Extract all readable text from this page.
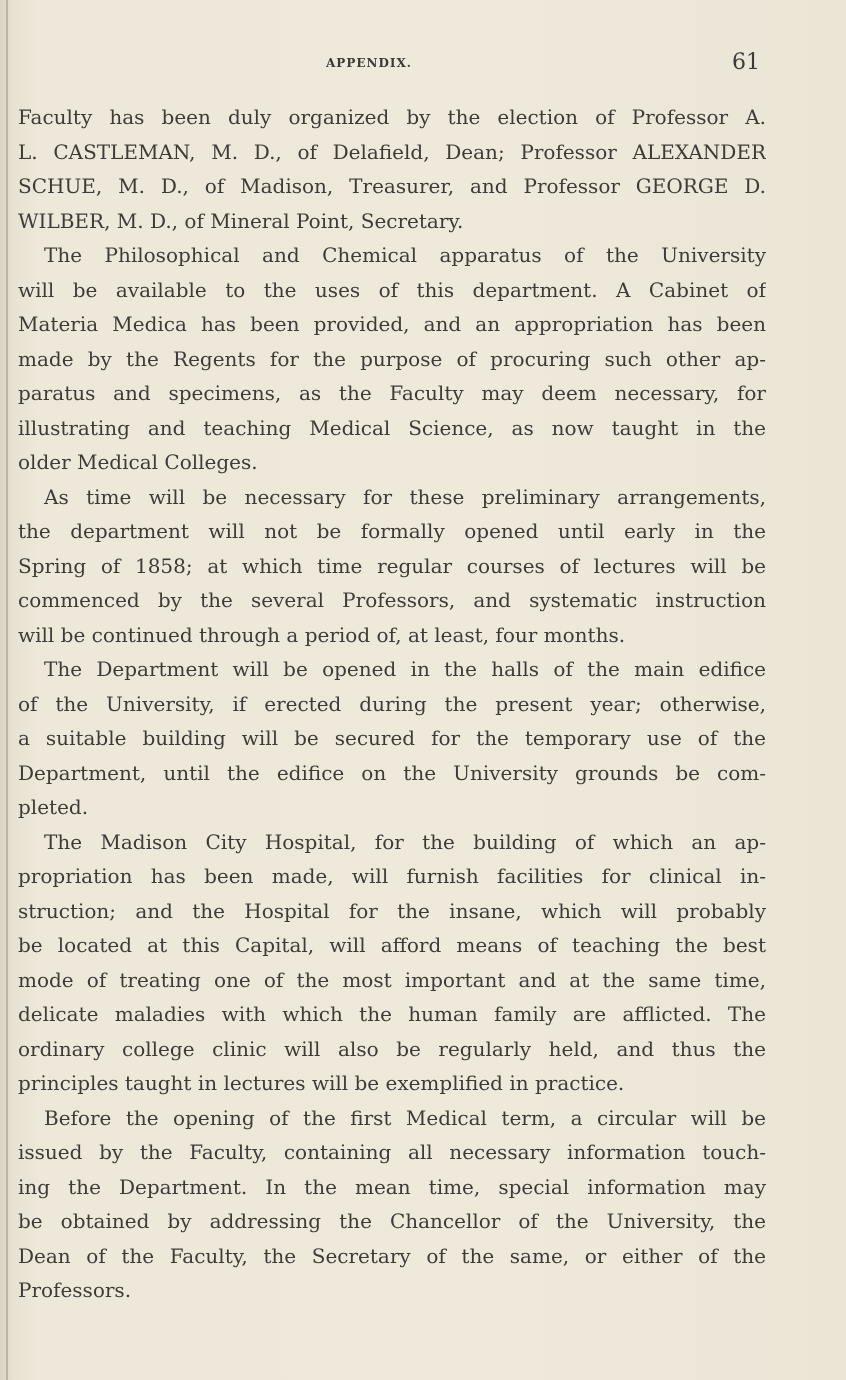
APPENDIX.	61
Faculty has been duly organized by the election of Professor A.
L. CASTLEMAN, M. D., of Delafield, Dean; Professor ALEXANDER
SCHUE, M. D., of Madison, Treasurer, and Professor GEORGE D.
WILBER, M. D., of Mineral Point, Secretary.
The Philosophical and Chemical apparatus of the University
will be available to the uses of this department. A Cabinet of
Materia Medica has been provided, and an appropriation has been
made by the Regents for the purpose of procuring such other ap-
paratus and specimens, as the Faculty may deem necessary, for
illustrating and teaching Medical Science, as now taught in the
older Medical Colleges.
As time will be necessary for these preliminary arrangements,
the department will not be formally opened until early in the
Spring of 1858; at which time regular courses of lectures will be
commenced by the several Professors, and systematic instruction
will be continued through a period of, at least, four months.
The Department will be opened in the halls of the main edifice
of the University, if erected during the present year; otherwise,
a suitable building will be secured for the temporary use of the
Department, until the edifice on the University grounds be com-
pleted.
The Madison City Hospital, for the building of which an ap-
propriation has been made, will furnish facilities for clinical in-
struction; and the Hospital for the insane, which will probably
be located at this Capital, will afford means of teaching the best
mode of treating one of the most important and at the same time,
delicate maladies with which the human family are afflicted. The
ordinary college clinic will also be regularly held, and thus the
principles taught in lectures will be exemplified in practice.
Before the opening of the first Medical term, a circular will be
issued by the Faculty, containing all necessary information touch-
ing the Department. In the mean time, special information may
be obtained by addressing the Chancellor of the University, the
Dean of the Faculty, the Secretary of the same, or either of the
Professors.
